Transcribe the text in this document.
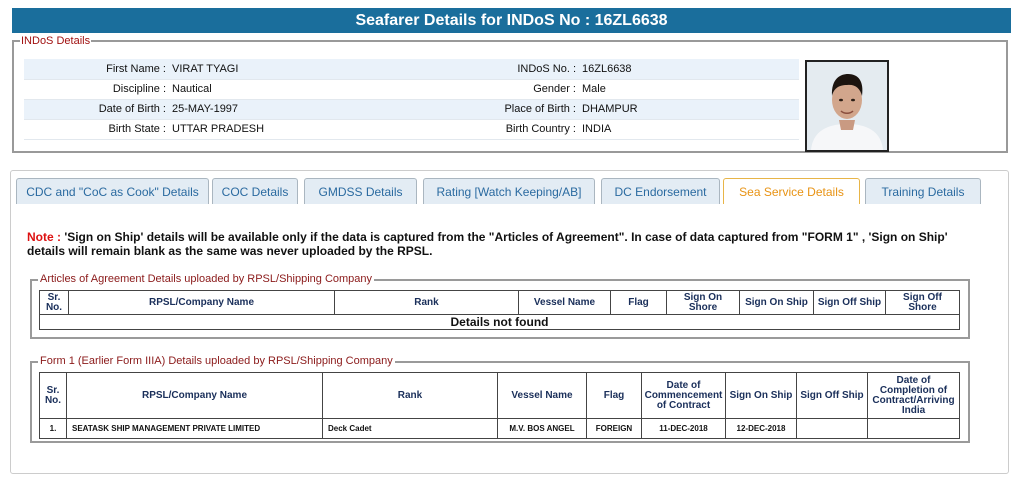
Seafarer Details for INDoS No : 16ZL6638
INDoS Details
First Name :	VIRAT TYAGI	INDoS No. :	16ZL6638
Discipline :	Nautical	Gender :	Male
Date of Birth :	25-MAY-1997	Place of Birth :	DHAMPUR
Birth State :	UTTAR PRADESH	Birth Country :	INDIA
CDC and "CoC as Cook" Details	COC Details	GMDSS Details	Rating [Watch Keeping/AB]	DC Endorsement	Sea Service Details	Training Details
Note : 'Sign on Ship' details will be available only if the data is captured from the "Articles of Agreement". In case of data captured from "FORM 1" , 'Sign on Ship' details will remain blank as the same was never uploaded by the RPSL.
Articles of Agreement Details uploaded by RPSL/Shipping Company
Sr. No.	RPSL/Company Name	Rank	Vessel Name	Flag	Sign On Shore	Sign On Ship	Sign Off Ship	Sign Off Shore
Details not found
Form 1 (Earlier Form IIIA) Details uploaded by RPSL/Shipping Company
Sr. No.	RPSL/Company Name	Rank	Vessel Name	Flag	Date of Commencement of Contract	Sign On Ship	Sign Off Ship	Date of Completion of Contract/Arriving India
1.	SEATASK SHIP MANAGEMENT PRIVATE LIMITED	Deck Cadet	M.V. BOS ANGEL	FOREIGN	11-DEC-2018	12-DEC-2018		
